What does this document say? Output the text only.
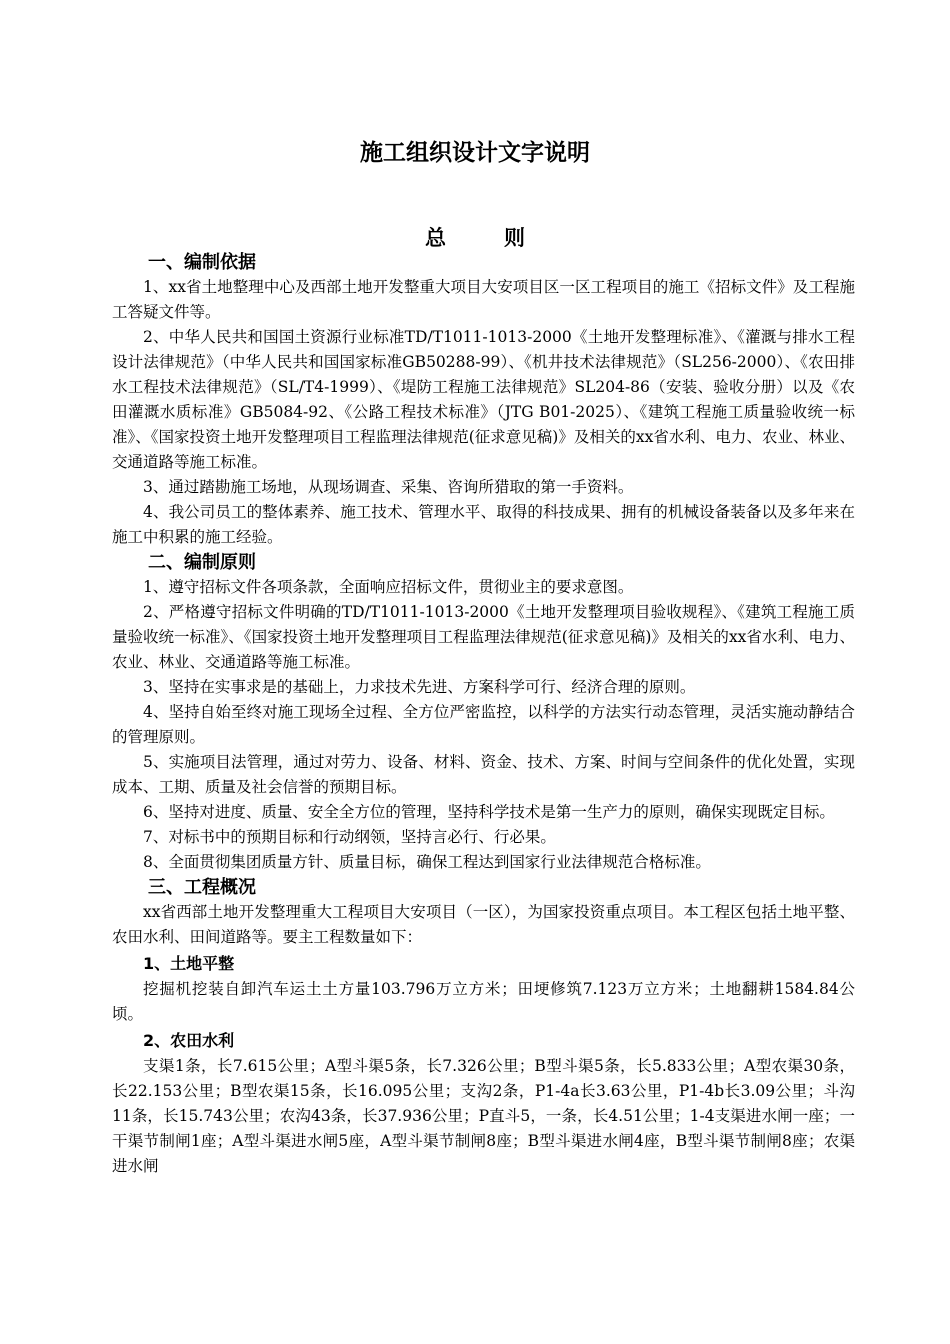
施工组织设计文字说明
总则

一、编制依据

1、xx省土地整理中心及西部土地开发整重大项目大安项目区一区工程项目的施工《招标文件》及工程施工答疑文件等。

2、中华人民共和国国土资源行业标准TD/T1011-1013-2000《土地开发整理标准》、《灌溉与排水工程设计法律规范》（中华人民共和国国家标准GB50288-99）、《机井技术法律规范》（SL256-2000）、《农田排水工程技术法律规范》（SL/T4-1999）、《堤防工程施工法律规范》SL204-86（安装、验收分册）以及《农田灌溉水质标准》GB5084-92、《公路工程技术标准》（JTG B01-2025）、《建筑工程施工质量验收统一标准》、《国家投资土地开发整理项目工程监理法律规范(征求意见稿)》及相关的xx省水利、电力、农业、林业、交通道路等施工标准。

3、通过踏勘施工场地，从现场调查、采集、咨询所猎取的第一手资料。

4、我公司员工的整体素养、施工技术、管理水平、取得的科技成果、拥有的机械设备装备以及多年来在施工中积累的施工经验。

二、编制原则

1、遵守招标文件各项条款，全面响应招标文件，贯彻业主的要求意图。

2、严格遵守招标文件明确的TD/T1011-1013-2000《土地开发整理项目验收规程》、《建筑工程施工质量验收统一标准》、《国家投资土地开发整理项目工程监理法律规范(征求意见稿)》及相关的xx省水利、电力、农业、林业、交通道路等施工标准。

3、坚持在实事求是的基础上，力求技术先进、方案科学可行、经济合理的原则。

4、坚持自始至终对施工现场全过程、全方位严密监控，以科学的方法实行动态管理，灵活实施动静结合的管理原则。

5、实施项目法管理，通过对劳力、设备、材料、资金、技术、方案、时间与空间条件的优化处置，实现成本、工期、质量及社会信誉的预期目标。

6、坚持对进度、质量、安全全方位的管理，坚持科学技术是第一生产力的原则，确保实现既定目标。

7、对标书中的预期目标和行动纲领，坚持言必行、行必果。

8、全面贯彻集团质量方针、质量目标，确保工程达到国家行业法律规范合格标准。

三、工程概况

xx省西部土地开发整理重大工程项目大安项目（一区），为国家投资重点项目。本工程区包括土地平整、农田水利、田间道路等。要主工程数量如下：

1、土地平整

挖掘机挖装自卸汽车运土土方量103.796万立方米；田埂修筑7.123万立方米；土地翻耕1584.84公顷。

2、农田水利

支渠1条，长7.615公里；A型斗渠5条，长7.326公里；B型斗渠5条，长5.833公里；A型农渠30条，长22.153公里；B型农渠15条，长16.095公里；支沟2条，P1-4a长3.63公里，P1-4b长3.09公里；斗沟11条，长15.743公里；农沟43条，长37.936公里；P直斗5，一条，长4.51公里；1-4支渠进水闸一座；一干渠节制闸1座；A型斗渠进水闸5座，A型斗渠节制闸8座；B型斗渠进水闸4座，B型斗渠节制闸8座；农渠进水闸
